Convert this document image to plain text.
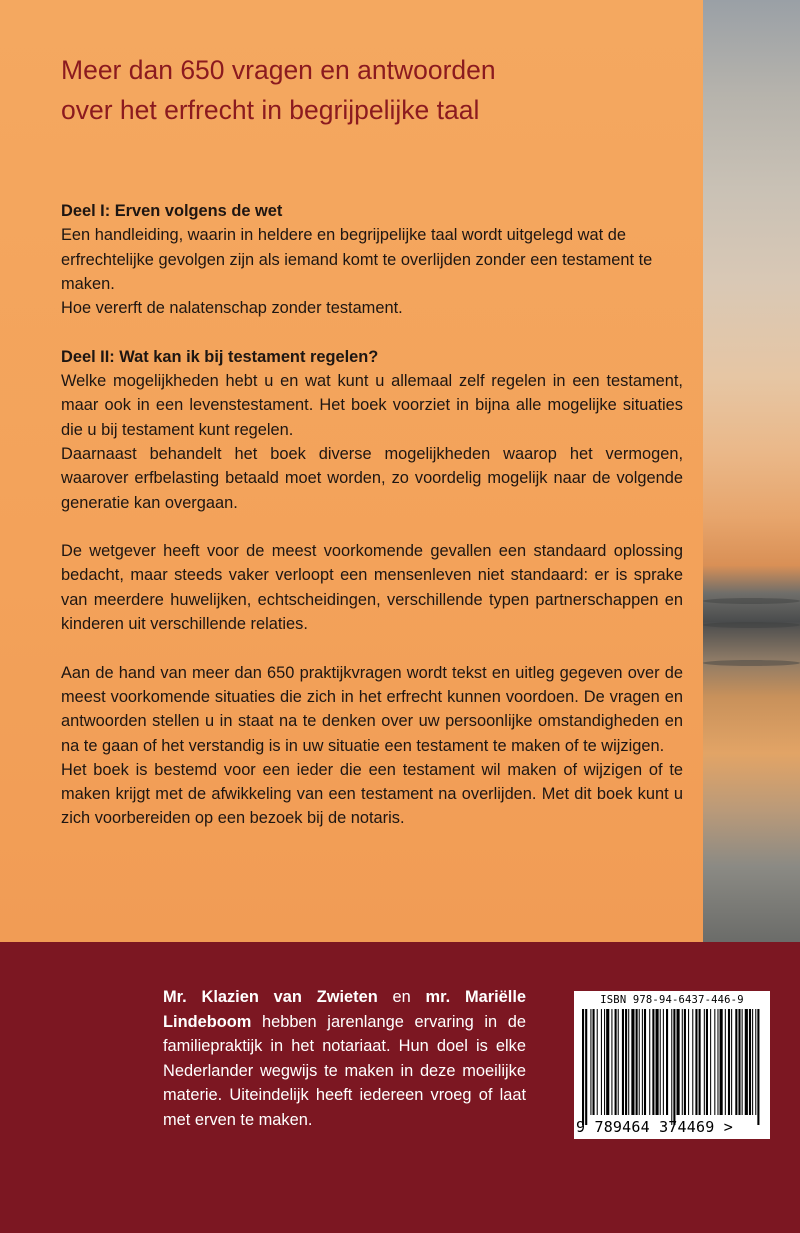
Meer dan 650 vragen en antwoorden
over het erfrecht in begrijpelijke taal

Deel I: Erven volgens de wet

Een handleiding, waarin in heldere en begrijpelijke taal wordt uitgelegd wat de erfrechtelijke gevolgen zijn als iemand komt te overlijden zonder een testament te maken.

Hoe vererft de nalatenschap zonder testament.

Deel II: Wat kan ik bij testament regelen?

Welke mogelijkheden hebt u en wat kunt u allemaal zelf regelen in een testament, maar ook in een levenstestament. Het boek voorziet in bijna alle mogelijke situaties die u bij testament kunt regelen.

Daarnaast behandelt het boek diverse mogelijkheden waarop het vermogen, waarover erfbelasting betaald moet worden, zo voordelig mogelijk naar de volgende generatie kan overgaan.

De wetgever heeft voor de meest voorkomende gevallen een standaard oplossing bedacht, maar steeds vaker verloopt een mensenleven niet standaard: er is sprake van meerdere huwelijken, echtscheidingen, verschillende typen partnerschappen en kinderen uit verschillende relaties.

Aan de hand van meer dan 650 praktijkvragen wordt tekst en uitleg gegeven over de meest voorkomende situaties die zich in het erfrecht kunnen voordoen. De vragen en antwoorden stellen u in staat na te denken over uw persoonlijke omstandigheden en na te gaan of het verstandig is in uw situatie een testament te maken of te wijzigen.

Het boek is bestemd voor een ieder die een testament wil maken of wijzigen of te maken krijgt met de afwikkeling van een testament na overlijden. Met dit boek kunt u zich voorbereiden op een bezoek bij de notaris.

Mr. Klazien van Zwieten en mr. Mariëlle Lindeboom hebben jarenlange ervaring in de familiepraktijk in het notariaat. Hun doel is elke Nederlander wegwijs te maken in deze moeilijke materie. Uiteindelijk heeft iedereen vroeg of laat met erven te maken.

ISBN 978-94-6437-446-9
9 789464 374469 >
